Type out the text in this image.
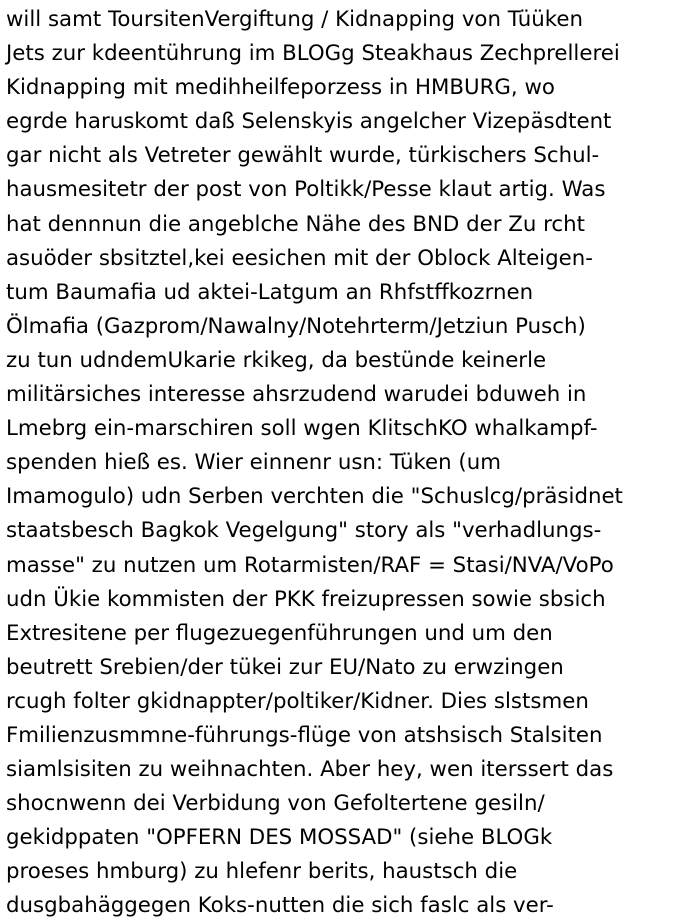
will samt ToursitenVergiftung / Kidnapping von Tüüken
Jets zur kdeentührung im BLOGg Steakhaus Zechprellerei
Kidnapping mit medihheilfeporzess in HMBURG, wo
egrde haruskomt daß Selenskyis angelcher Vizepäsdtent
gar nicht als Vetreter gewählt wurde, türkischers Schul-
hausmesitetr der post von Poltikk/Pesse klaut artig. Was
hat dennnun die angeblche Nähe des BND der Zu rcht
asuöder sbsitztel,kei eesichen mit der Oblock Alteigen-
tum Baumafia ud aktei-Latgum an Rhfstffkozrnen
Ölmafia (Gazprom/Nawalny/Notehrterm/Jetziun Pusch)
zu tun udndemUkarie rkikeg, da bestünde keinerle
militärsiches interesse ahsrzudend warudei bduweh in
Lmebrg ein-marschiren soll wgen KlitschKO whalkampf-
spenden hieß es. Wier einnenr usn: Tüken (um
Imamogulo) udn Serben verchten die "Schuslcg/präsidnet
staatsbesch Bagkok Vegelgung" story als "verhadlungs-
masse" zu nutzen um Rotarmisten/RAF = Stasi/NVA/VoPo
udn Ükie kommisten der PKK freizupressen sowie sbsich
Extresitene per flugezuegenführungen und um den
beutrett Srebien/der tükei zur EU/Nato zu erwzingen
rcugh folter gkidnappter/poltiker/Kidner. Dies slstsmen
Fmilienzusmmne-führungs-flüge von atshsisch Stalsiten
siamlsisiten zu weihnachten. Aber hey, wen iterssert das
shocnwenn dei Verbidung von Gefoltertene gesiln/
gekidppaten "OPFERN DES MOSSAD" (siehe BLOGk
proeses hmburg) zu hlefenr berits, haustsch die
dusgbahäggegen Koks-nutten die sich faslc als ver-
